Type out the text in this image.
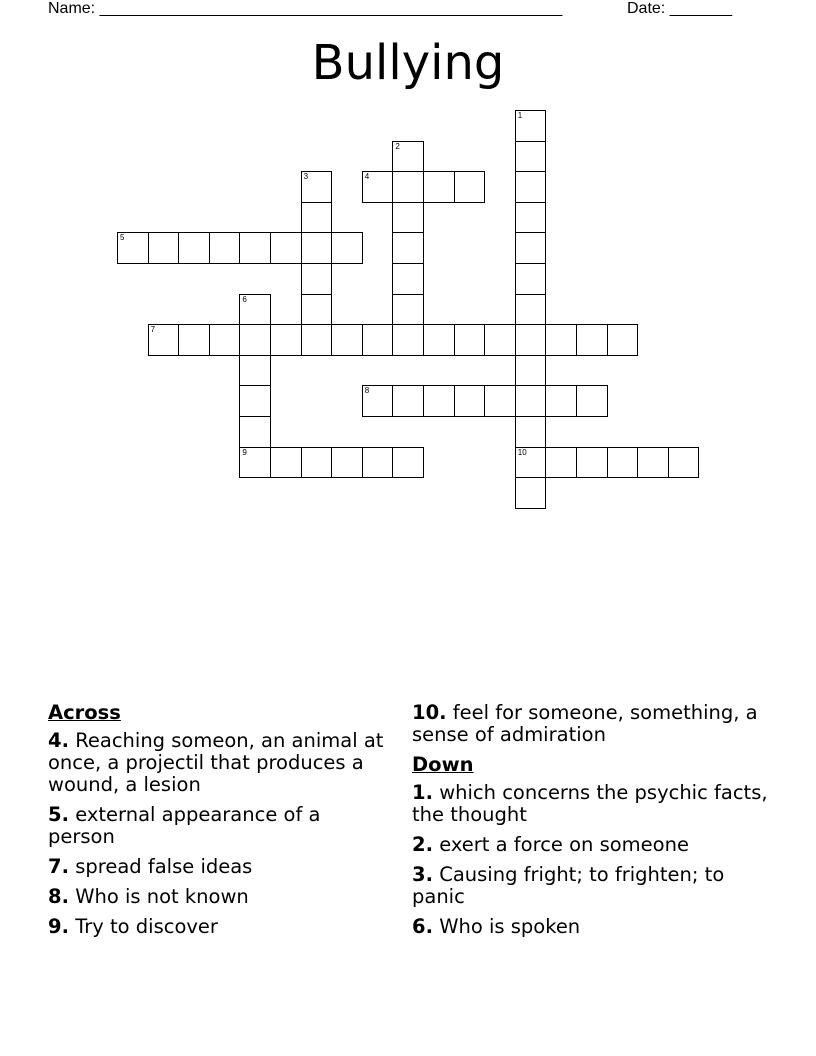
Name: ____________________________________________________	Date: _______
Bullying
1
10
2
3	4
5
6
9
7
8
Across
4. Reaching someon, an animal at once, a projectil that produces a wound, a lesion
5. external appearance of a person
7. spread false ideas
8. Who is not known
9. Try to discover
10. feel for someone, something, a sense of admiration
Down
1. which concerns the psychic facts, the thought
2. exert a force on someone
3. Causing fright; to frighten; to panic
6. Who is spoken
